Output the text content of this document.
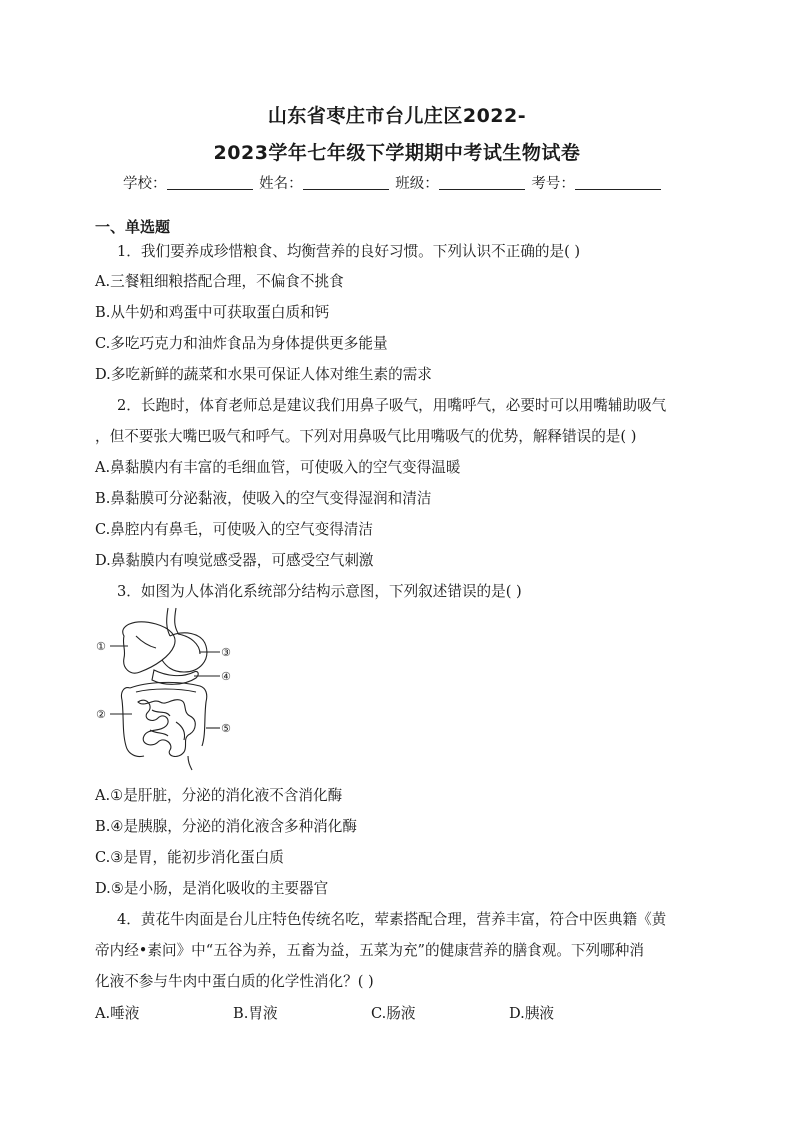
山东省枣庄市台儿庄区2022-
2023学年七年级下学期期中考试生物试卷
学校：	姓名：	班级：	考号：
一、单选题
1．我们要养成珍惜粮食、均衡营养的良好习惯。下列认识不正确的是( )
A.三餐粗细粮搭配合理，不偏食不挑食
B.从牛奶和鸡蛋中可获取蛋白质和钙
C.多吃巧克力和油炸食品为身体提供更多能量
D.多吃新鲜的蔬菜和水果可保证人体对维生素的需求
2．长跑时，体育老师总是建议我们用鼻子吸气，用嘴呼气，必要时可以用嘴辅助吸气
，但不要张大嘴巴吸气和呼气。下列对用鼻吸气比用嘴吸气的优势，解释错误的是( )
A.鼻黏膜内有丰富的毛细血管，可使吸入的空气变得温暖
B.鼻黏膜可分泌黏液，使吸入的空气变得湿润和清洁
C.鼻腔内有鼻毛，可使吸入的空气变得清洁
D.鼻黏膜内有嗅觉感受器，可感受空气刺激
3．如图为人体消化系统部分结构示意图，下列叙述错误的是( )
①
②
③
④
⑤
A.①是肝脏，分泌的消化液不含消化酶
B.④是胰腺，分泌的消化液含多种消化酶
C.③是胃，能初步消化蛋白质
D.⑤是小肠，是消化吸收的主要器官
4．黄花牛肉面是台儿庄特色传统名吃，荤素搭配合理，营养丰富，符合中医典籍《黄
帝内经•素问》中“五谷为养，五畜为益，五菜为充”的健康营养的膳食观。下列哪种消
化液不参与牛肉中蛋白质的化学性消化？( )
A.唾液	B.胃液	C.肠液	D.胰液
